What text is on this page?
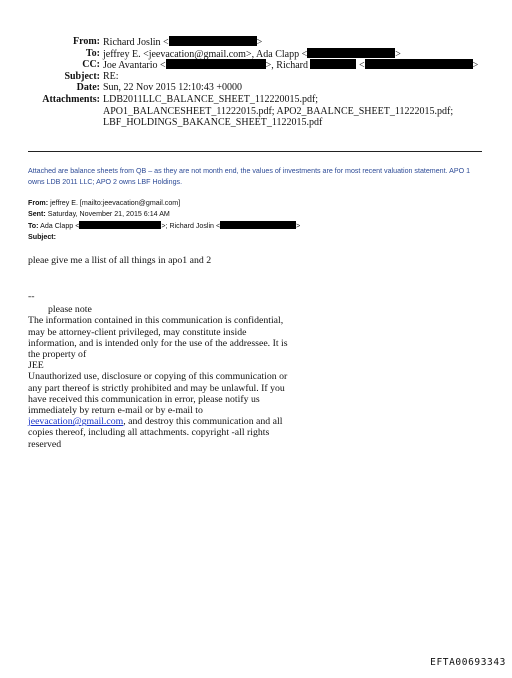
From: Richard Joslin <	>
To: jeffrey E. <jeevacation@gmail.com>, Ada Clapp <	>
CC: Joe Avantario <	>, Richard	<	>
Subject: RE:
Date: Sun, 22 Nov 2015 12:10:43 +0000
Attachments: LDB2011LLC_BALANCE_SHEET_112220015.pdf;
APO1_BALANCESHEET_11222015.pdf; APO2_BAALNCE_SHEET_11222015.pdf;
LBF_HOLDINGS_BAKANCE_SHEET_1122015.pdf
Attached are balance sheets from QB – as they are not month end, the values of investments are for most recent valuation statement. APO 1 owns LDB 2011 LLC; APO 2 owns LBF Holdings.
From: jeffrey E. [mailto:jeevacation@gmail.com]
Sent: Saturday, November 21, 2015 6:14 AM
To: Ada Clapp <	>; Richard Joslin <	>
Subject:
pleae give me a llist of all things in apo1 and 2
--
please note
The information contained in this communication is confidential, may be attorney-client privileged, may constitute inside information, and is intended only for the use of the addressee. It is the property of
JEE
Unauthorized use, disclosure or copying of this communication or any part thereof is strictly prohibited and may be unlawful. If you have received this communication in error, please notify us immediately by return e-mail or by e-mail to jeevacation@gmail.com, and destroy this communication and all copies thereof, including all attachments. copyright -all rights reserved
EFTA00693343
